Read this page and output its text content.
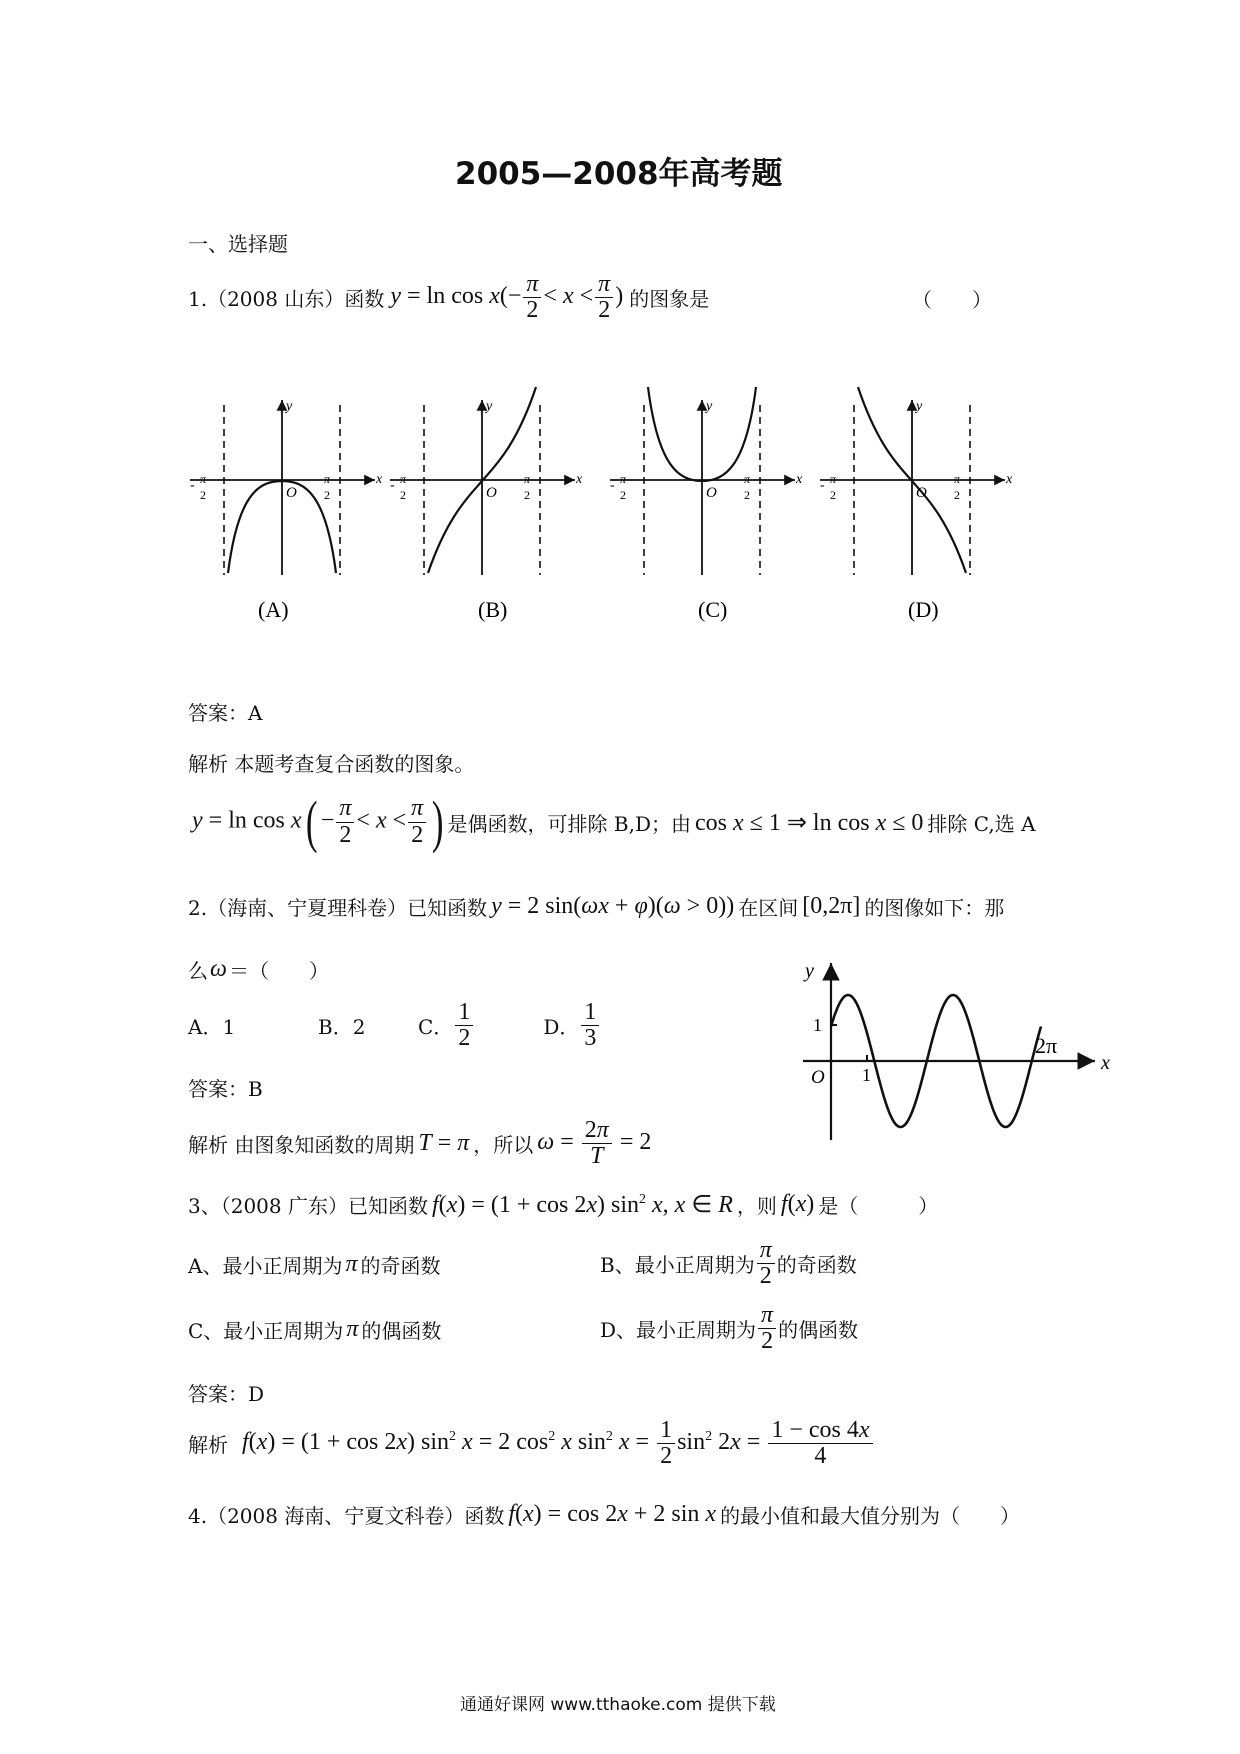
2005—2008年高考题
一、选择题
1.（2008 山东）函数 $y = \ln \cos x(- \frac{\pi}{2} < x < \frac{\pi}{2}$ ) 的图象是	（　　）
x
y
O
- π
2
π
2
x
y
O
- π
2
π
2
x
y
O
- π
2
π
2
x
y
O
- π
2
π
2
(A)	(B)	(C)	(D)
答案：A
解析 本题考查复合函数的图象。
$y = \ln \cos x( - \frac{\pi}{2} < x < \frac{\pi}{2}$ ) 是偶函数，可排除 B,D；由 cos x ≤ 1 ⇒ ln cos x ≤ 0 排除 C,选 A
2.（海南、宁夏理科卷）已知函数 y = 2 sin(ωx + φ)(ω > 0)) 在区间 [0,2π] 的图像如下：那
么 ω ＝（　　）
A．1	B．2	C． $\frac{1}{2}$	D． $\frac{1}{3}$
答案：B
解析 由图象知函数的周期 T = π ，所以 $\omega = \frac{2\pi}{T} = 2$
y
x
1
1
O
2π
3、（2008 广东）已知函数 f(x) = (1 + cos 2x) $\sin^2 x$, x ∈ R ，则 f(x) 是（　　　）
A、最小正周期为 π 的奇函数	B、最小正周期为 $\frac{\pi}{2}$ 的奇函数
C、最小正周期为 π 的偶函数	D、最小正周期为 $\frac{\pi}{2}$ 的偶函数
答案：D
解析 f(x) = (1 + cos 2x) $\sin^2 x = 2$ $\cos^2 x$ $\sin^2 x = \frac{1}{2} \sin^2 2x = \frac{1 - \cos 4x}{4}$
4.（2008 海南、宁夏文科卷）函数 f(x) = cos 2x + 2 sin x 的最小值和最大值分别为（　　）
通通好课网 www.tthaoke.com 提供下载
